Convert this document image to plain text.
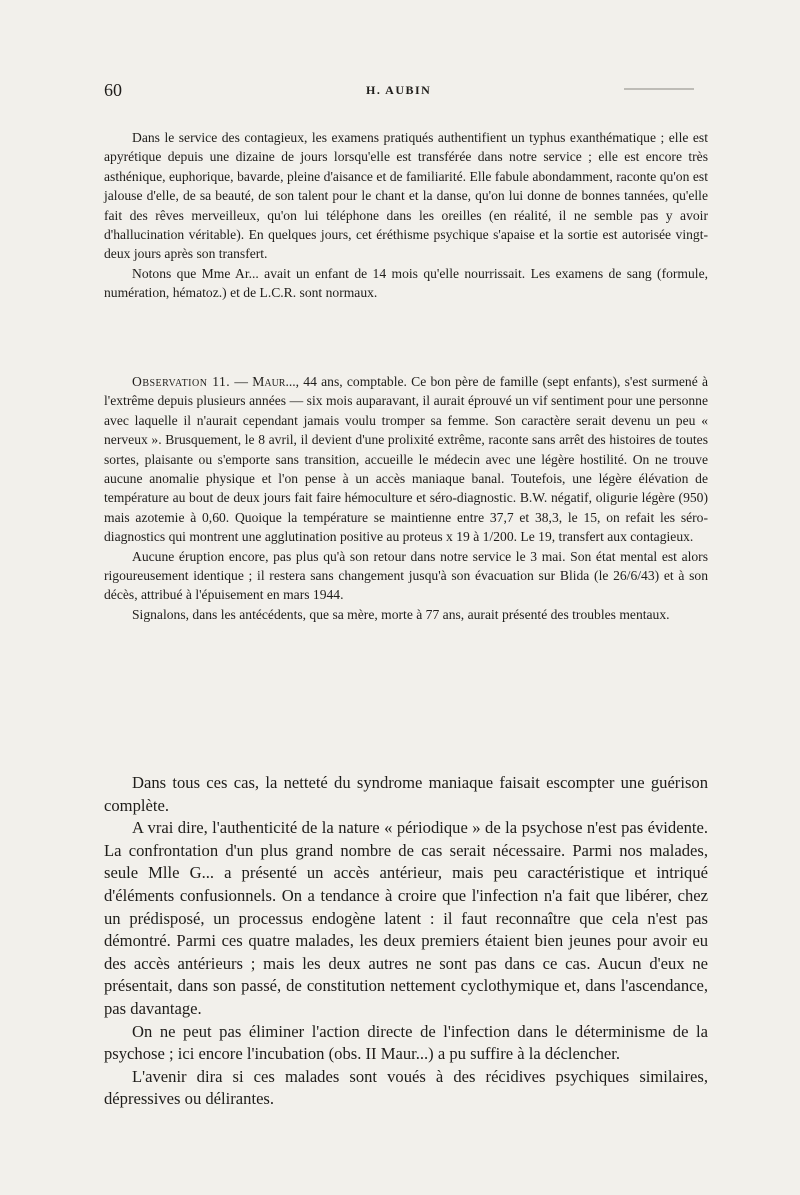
60	H. AUBIN

Dans le service des contagieux, les examens pratiqués authentifient un typhus exanthématique ; elle est apyrétique depuis une dizaine de jours lorsqu'elle est transférée dans notre service ; elle est encore très asthénique, euphorique, bavarde, pleine d'aisance et de familiarité. Elle fabule abondamment, raconte qu'on est jalouse d'elle, de sa beauté, de son talent pour le chant et la danse, qu'on lui donne de bonnes tannées, qu'elle fait des rêves merveilleux, qu'on lui téléphone dans les oreilles (en réalité, il ne semble pas y avoir d'hallucination véritable). En quelques jours, cet éréthisme psychique s'apaise et la sortie est autorisée vingt-deux jours après son transfert.

Notons que Mme Ar... avait un enfant de 14 mois qu'elle nourrissait. Les examens de sang (formule, numération, hématoz.) et de L.C.R. sont normaux.

Observation 11. — Maur..., 44 ans, comptable. Ce bon père de famille (sept enfants), s'est surmené à l'extrême depuis plusieurs années — six mois auparavant, il aurait éprouvé un vif sentiment pour une personne avec laquelle il n'aurait cependant jamais voulu tromper sa femme. Son caractère serait devenu un peu « nerveux ». Brusquement, le 8 avril, il devient d'une prolixité extrême, raconte sans arrêt des histoires de toutes sortes, plaisante ou s'emporte sans transition, accueille le médecin avec une légère hostilité. On ne trouve aucune anomalie physique et l'on pense à un accès maniaque banal. Toutefois, une légère élévation de température au bout de deux jours fait faire hémoculture et séro-diagnostic. B.W. négatif, oligurie légère (950) mais azotemie à 0,60. Quoique la température se maintienne entre 37,7 et 38,3, le 15, on refait les séro-diagnostics qui montrent une agglutination positive au proteus x 19 à 1/200. Le 19, transfert aux contagieux.

Aucune éruption encore, pas plus qu'à son retour dans notre service le 3 mai. Son état mental est alors rigoureusement identique ; il restera sans changement jusqu'à son évacuation sur Blida (le 26/6/43) et à son décès, attribué à l'épuisement en mars 1944.

Signalons, dans les antécédents, que sa mère, morte à 77 ans, aurait présenté des troubles mentaux.

Dans tous ces cas, la netteté du syndrome maniaque faisait escompter une guérison complète.

A vrai dire, l'authenticité de la nature « périodique » de la psychose n'est pas évidente. La confrontation d'un plus grand nombre de cas serait nécessaire. Parmi nos malades, seule Mlle G... a présenté un accès antérieur, mais peu caractéristique et intriqué d'éléments confusionnels. On a tendance à croire que l'infection n'a fait que libérer, chez un prédisposé, un processus endogène latent : il faut reconnaître que cela n'est pas démontré. Parmi ces quatre malades, les deux premiers étaient bien jeunes pour avoir eu des accès antérieurs ; mais les deux autres ne sont pas dans ce cas. Aucun d'eux ne présentait, dans son passé, de constitution nettement cyclothymique et, dans l'ascendance, pas davantage.

On ne peut pas éliminer l'action directe de l'infection dans le déterminisme de la psychose ; ici encore l'incubation (obs. II Maur...) a pu suffire à la déclencher.

L'avenir dira si ces malades sont voués à des récidives psychiques similaires, dépressives ou délirantes.
